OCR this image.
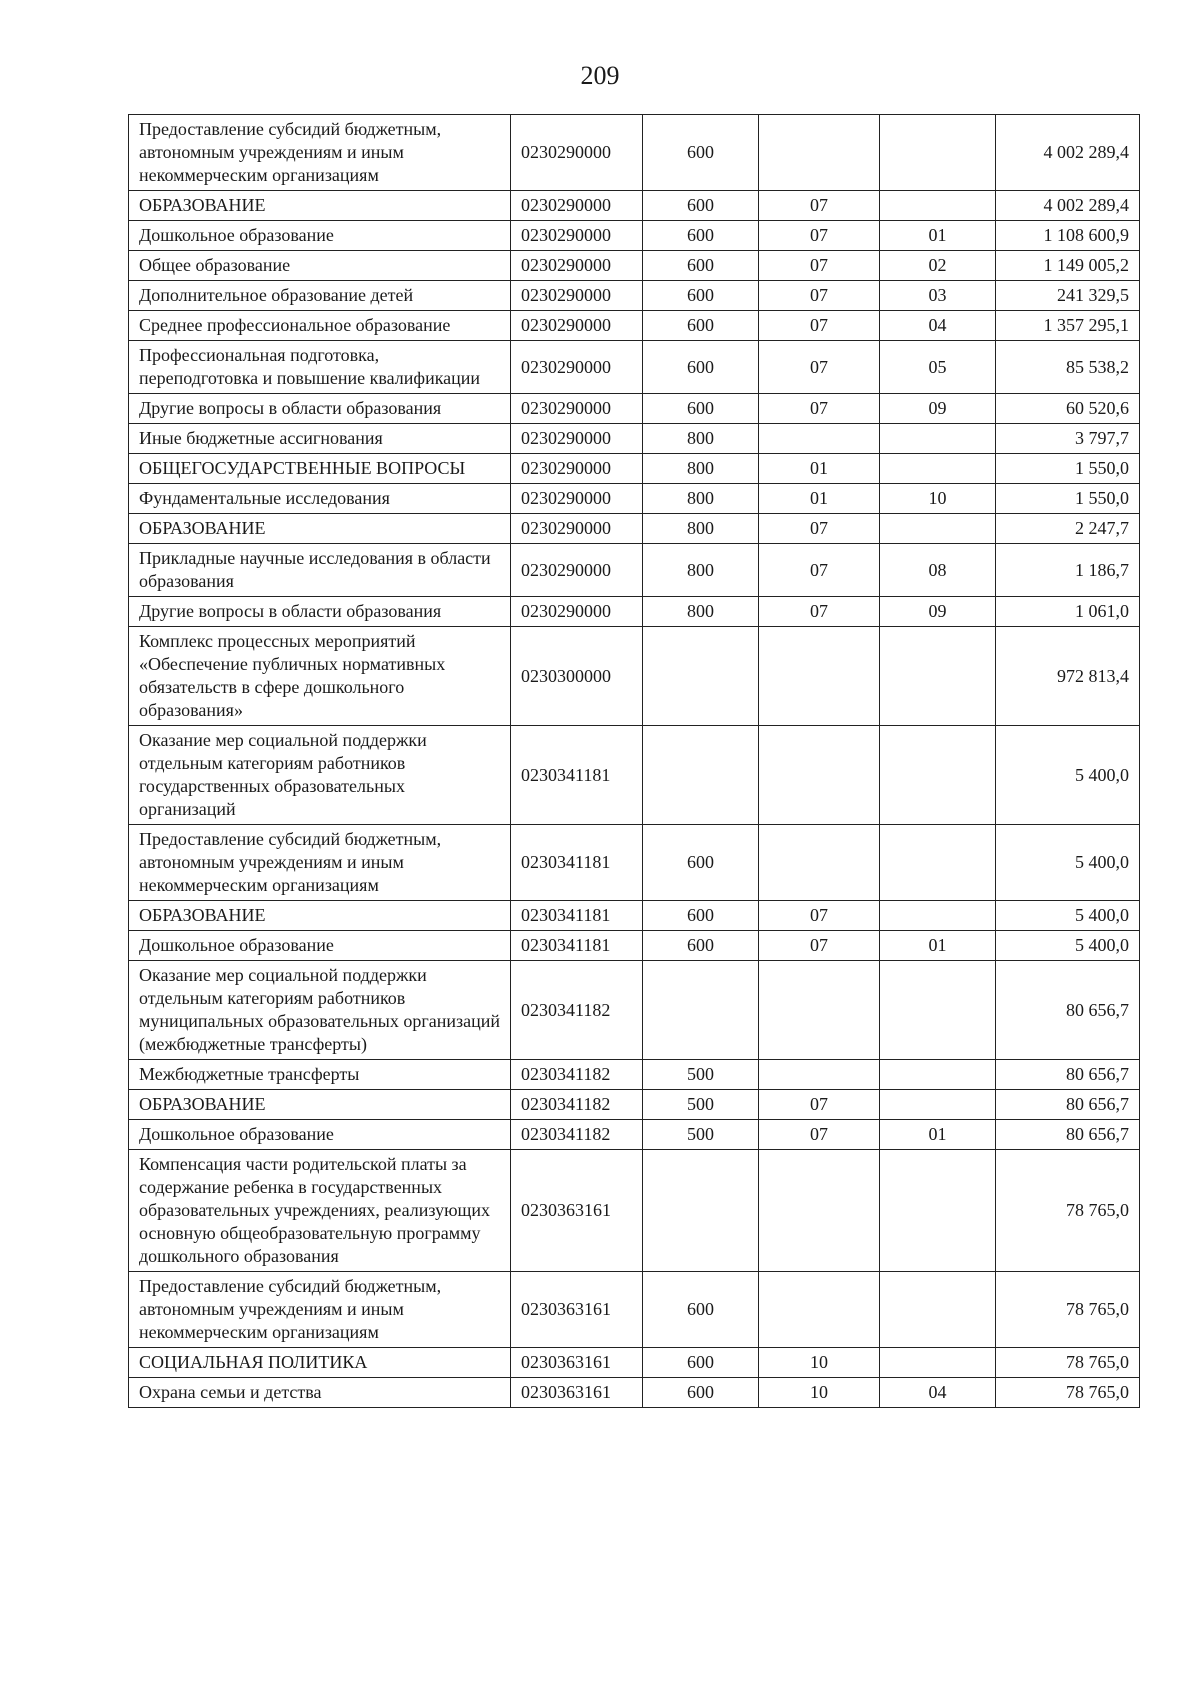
209
Предоставление субсидий бюджетным, автономным учреждениям и иным некоммерческим организациям	0230290000	600			4 002 289,4
ОБРАЗОВАНИЕ	0230290000	600	07		4 002 289,4
Дошкольное образование	0230290000	600	07	01	1 108 600,9
Общее образование	0230290000	600	07	02	1 149 005,2
Дополнительное образование детей	0230290000	600	07	03	241 329,5
Среднее профессиональное образование	0230290000	600	07	04	1 357 295,1
Профессиональная подготовка, переподготовка и повышение квалификации	0230290000	600	07	05	85 538,2
Другие вопросы в области образования	0230290000	600	07	09	60 520,6
Иные бюджетные ассигнования	0230290000	800			3 797,7
ОБЩЕГОСУДАРСТВЕННЫЕ ВОПРОСЫ	0230290000	800	01		1 550,0
Фундаментальные исследования	0230290000	800	01	10	1 550,0
ОБРАЗОВАНИЕ	0230290000	800	07		2 247,7
Прикладные научные исследования в области образования	0230290000	800	07	08	1 186,7
Другие вопросы в области образования	0230290000	800	07	09	1 061,0
Комплекс процессных мероприятий «Обеспечение публичных нормативных обязательств в сфере дошкольного образования»	0230300000				972 813,4
Оказание мер социальной поддержки отдельным категориям работников государственных образовательных организаций	0230341181				5 400,0
Предоставление субсидий бюджетным, автономным учреждениям и иным некоммерческим организациям	0230341181	600			5 400,0
ОБРАЗОВАНИЕ	0230341181	600	07		5 400,0
Дошкольное образование	0230341181	600	07	01	5 400,0
Оказание мер социальной поддержки отдельным категориям работников муниципальных образовательных организаций (межбюджетные трансферты)	0230341182				80 656,7
Межбюджетные трансферты	0230341182	500			80 656,7
ОБРАЗОВАНИЕ	0230341182	500	07		80 656,7
Дошкольное образование	0230341182	500	07	01	80 656,7
Компенсация части родительской платы за содержание ребенка в государственных образовательных учреждениях, реализующих основную общеобразовательную программу дошкольного образования	0230363161				78 765,0
Предоставление субсидий бюджетным, автономным учреждениям и иным некоммерческим организациям	0230363161	600			78 765,0
СОЦИАЛЬНАЯ ПОЛИТИКА	0230363161	600	10		78 765,0
Охрана семьи и детства	0230363161	600	10	04	78 765,0
